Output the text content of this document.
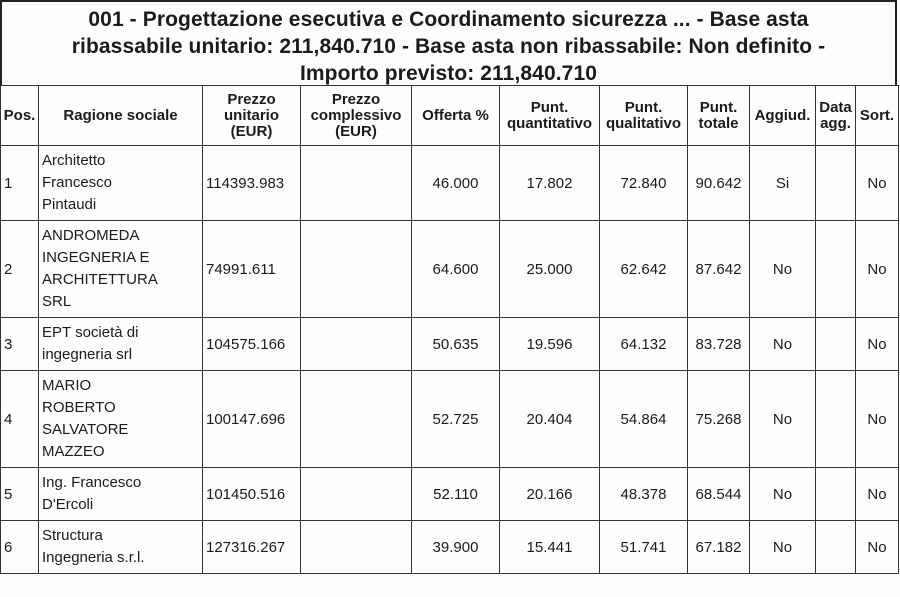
001 - Progettazione esecutiva e Coordinamento sicurezza ... - Base asta
ribassabile unitario: 211,840.710 - Base asta non ribassabile: Non definito -
Importo previsto: 211,840.710
Pos.	Ragione sociale	Prezzo
unitario
(EUR)	Prezzo
complessivo
(EUR)	Offerta %	Punt.
quantitativo	Punt.
qualitativo	Punt.
totale	Aggiud.	Data
agg.	Sort.
1	Architetto
Francesco
Pintaudi	114393.983		46.000	17.802	72.840	90.642	Si		No
2	ANDROMEDA
INGEGNERIA E
ARCHITETTURA
SRL	74991.611		64.600	25.000	62.642	87.642	No		No
3	EPT società di
ingegneria srl	104575.166		50.635	19.596	64.132	83.728	No		No
4	MARIO
ROBERTO
SALVATORE
MAZZEO	100147.696		52.725	20.404	54.864	75.268	No		No
5	Ing. Francesco
D'Ercoli	101450.516		52.110	20.166	48.378	68.544	No		No
6	Structura
Ingegneria s.r.l.	127316.267		39.900	15.441	51.741	67.182	No		No
